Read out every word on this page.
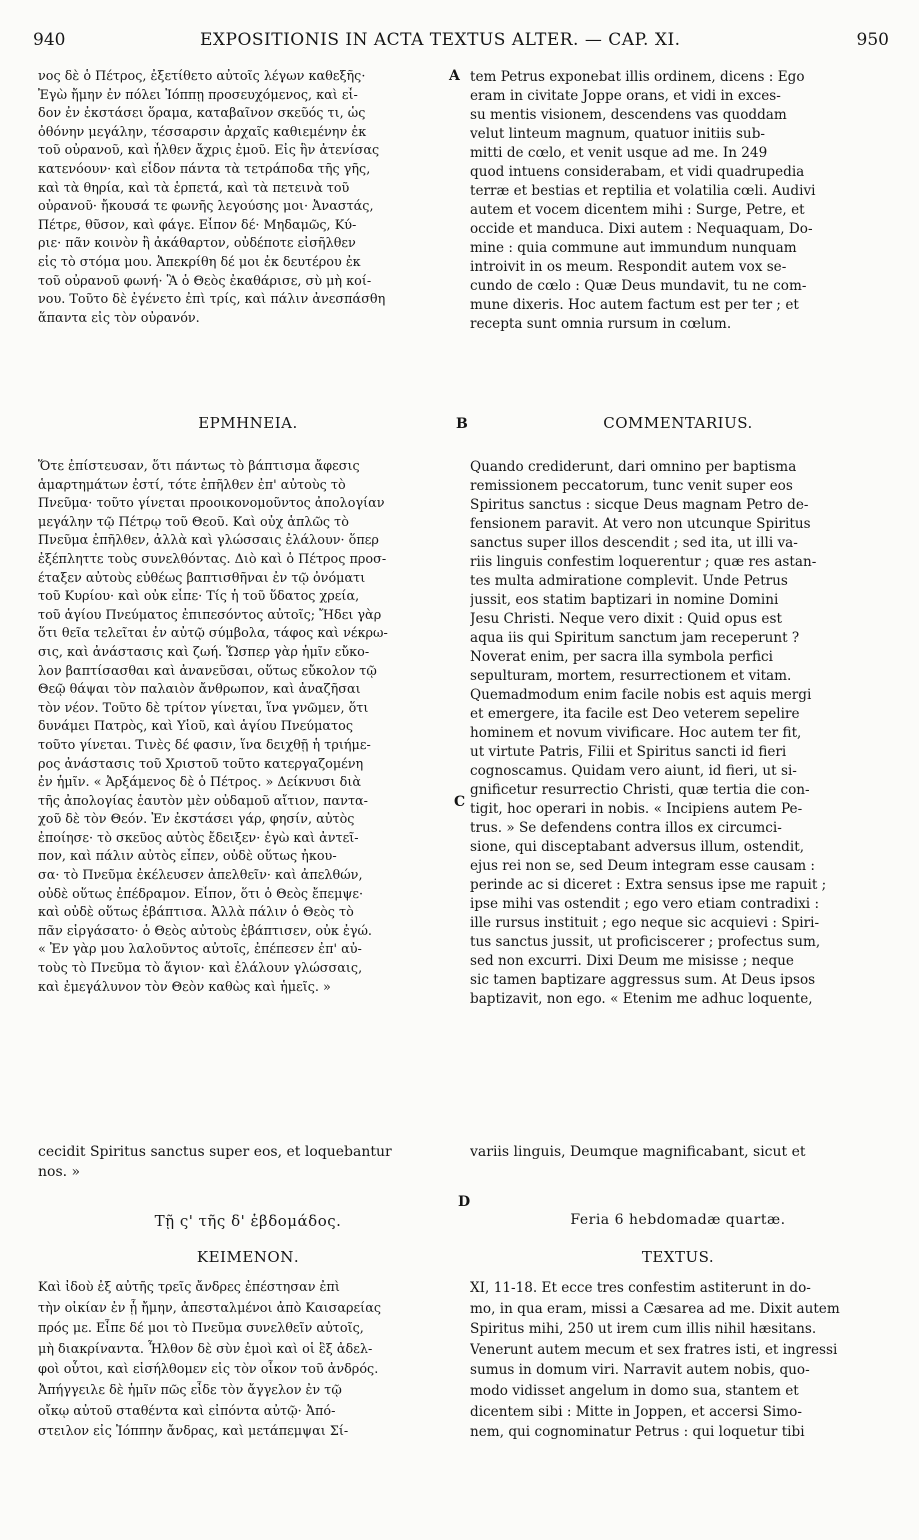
940	EXPOSITIONIS IN ACTA TEXTUS ALTER. — CAP. XI.	950
A
B
C
D
νος δὲ ὁ Πέτρος, ἐξετίθετο αὐτοῖς λέγων καθεξῆς·
Ἐγὼ ἤμην ἐν πόλει Ἰόππῃ προσευχόμενος, καὶ εἶ-
δον ἐν ἐκστάσει ὅραμα, καταβαῖνον σκεῦός τι, ὡς
ὀθόνην μεγάλην, τέσσαρσιν ἀρχαῖς καθιεμένην ἐκ
τοῦ οὐρανοῦ, καὶ ἦλθεν ἄχρις ἐμοῦ. Εἰς ἣν ἀτενίσας
κατενόουν· καὶ εἶδον πάντα τὰ τετράποδα τῆς γῆς,
καὶ τὰ θηρία, καὶ τὰ ἑρπετά, καὶ τὰ πετεινὰ τοῦ
οὐρανοῦ· ἤκουσά τε φωνῆς λεγούσης μοι· Ἀναστάς,
Πέτρε, θῦσον, καὶ φάγε. Εἶπον δέ· Μηδαμῶς, Κύ-
ριε· πᾶν κοινὸν ἢ ἀκάθαρτον, οὐδέποτε εἰσῆλθεν
εἰς τὸ στόμα μου. Ἀπεκρίθη δέ μοι ἐκ δευτέρου ἐκ
τοῦ οὐρανοῦ φωνή· Ἃ ὁ Θεὸς ἐκαθάρισε, σὺ μὴ κοί-
νου. Τοῦτο δὲ ἐγένετο ἐπὶ τρίς, καὶ πάλιν ἀνεσπάσθη
ἅπαντα εἰς τὸν οὐρανόν.
ΕΡΜΗΝΕΙΑ.
Ὅτε ἐπίστευσαν, ὅτι πάντως τὸ βάπτισμα ἄφεσις
ἁμαρτημάτων ἐστί, τότε ἐπῆλθεν ἐπ' αὐτοὺς τὸ
Πνεῦμα· τοῦτο γίνεται προοικονομοῦντος ἀπολογίαν
μεγάλην τῷ Πέτρῳ τοῦ Θεοῦ. Καὶ οὐχ ἁπλῶς τὸ
Πνεῦμα ἐπῆλθεν, ἀλλὰ καὶ γλώσσαις ἐλάλουν· ὅπερ
ἐξέπληττε τοὺς συνελθόντας. Διὸ καὶ ὁ Πέτρος προσ-
έταξεν αὐτοὺς εὐθέως βαπτισθῆναι ἐν τῷ ὀνόματι
τοῦ Κυρίου· καὶ οὐκ εἶπε· Τίς ἡ τοῦ ὕδατος χρεία,
τοῦ ἁγίου Πνεύματος ἐπιπεσόντος αὐτοῖς; Ἤδει γὰρ
ὅτι θεῖα τελεῖται ἐν αὐτῷ σύμβολα, τάφος καὶ νέκρω-
σις, καὶ ἀνάστασις καὶ ζωή. Ὥσπερ γὰρ ἡμῖν εὔκο-
λον βαπτίσασθαι καὶ ἀνανεῦσαι, οὕτως εὔκολον τῷ
Θεῷ θάψαι τὸν παλαιὸν ἄνθρωπον, καὶ ἀναζῆσαι
τὸν νέον. Τοῦτο δὲ τρίτον γίνεται, ἵνα γνῶμεν, ὅτι
δυνάμει Πατρὸς, καὶ Υἱοῦ, καὶ ἁγίου Πνεύματος
τοῦτο γίνεται. Τινὲς δέ φασιν, ἵνα δειχθῇ ἡ τριήμε-
ρος ἀνάστασις τοῦ Χριστοῦ τοῦτο κατεργαζομένη
ἐν ἡμῖν. « Ἀρξάμενος δὲ ὁ Πέτρος. » Δείκνυσι διὰ
τῆς ἀπολογίας ἑαυτὸν μὲν οὐδαμοῦ αἴτιον, παντα-
χοῦ δὲ τὸν Θεόν. Ἐν ἐκστάσει γάρ, φησίν, αὐτὸς
ἐποίησε· τὸ σκεῦος αὐτὸς ἔδειξεν· ἐγὼ καὶ ἀντεῖ-
πον, καὶ πάλιν αὐτὸς εἶπεν, οὐδὲ οὕτως ἠκου-
σα· τὸ Πνεῦμα ἐκέλευσεν ἀπελθεῖν· καὶ ἀπελθών,
οὐδὲ οὕτως ἐπέδραμον. Εἶπον, ὅτι ὁ Θεὸς ἔπεμψε·
καὶ οὐδὲ οὕτως ἐβάπτισα. Ἀλλὰ πάλιν ὁ Θεὸς τὸ
πᾶν εἰργάσατο· ὁ Θεὸς αὐτοὺς ἐβάπτισεν, οὐκ ἐγώ.
« Ἐν γὰρ μου λαλοῦντος αὐτοῖς, ἐπέπεσεν ἐπ' αὐ-
τοὺς τὸ Πνεῦμα τὸ ἅγιον· καὶ ἐλάλουν γλώσσαις,
καὶ ἐμεγάλυνον τὸν Θεὸν καθὼς καὶ ἡμεῖς. »
tem Petrus exponebat illis ordinem, dicens : Ego
eram in civitate Joppe orans, et vidi in exces-
su mentis visionem, descendens vas quoddam
velut linteum magnum, quatuor initiis sub-
mitti de cœlo, et venit usque ad me. In 249
quod intuens considerabam, et vidi quadrupedia
terræ et bestias et reptilia et volatilia cœli. Audivi
autem et vocem dicentem mihi : Surge, Petre, et
occide et manduca. Dixi autem : Nequaquam, Do-
mine : quia commune aut immundum nunquam
introivit in os meum. Respondit autem vox se-
cundo de cœlo : Quæ Deus mundavit, tu ne com-
mune dixeris. Hoc autem factum est per ter ; et
recepta sunt omnia rursum in cœlum.
COMMENTARIUS.
Quando crediderunt, dari omnino per baptisma
remissionem peccatorum, tunc venit super eos
Spiritus sanctus : sicque Deus magnam Petro de-
fensionem paravit. At vero non utcunque Spiritus
sanctus super illos descendit ; sed ita, ut illi va-
riis linguis confestim loquerentur ; quæ res astan-
tes multa admiratione complevit. Unde Petrus
jussit, eos statim baptizari in nomine Domini
Jesu Christi. Neque vero dixit : Quid opus est
aqua iis qui Spiritum sanctum jam receperunt ?
Noverat enim, per sacra illa symbola perfici
sepulturam, mortem, resurrectionem et vitam.
Quemadmodum enim facile nobis est aquis mergi
et emergere, ita facile est Deo veterem sepelire
hominem et novum vivificare. Hoc autem ter fit,
ut virtute Patris, Filii et Spiritus sancti id fieri
cognoscamus. Quidam vero aiunt, id fieri, ut si-
gnificetur resurrectio Christi, quæ tertia die con-
tigit, hoc operari in nobis. « Incipiens autem Pe-
trus. » Se defendens contra illos ex circumci-
sione, qui disceptabant adversus illum, ostendit,
ejus rei non se, sed Deum integram esse causam :
perinde ac si diceret : Extra sensus ipse me rapuit ;
ipse mihi vas ostendit ; ego vero etiam contradixi :
ille rursus instituit ; ego neque sic acquievi : Spiri-
tus sanctus jussit, ut proficiscerer ; profectus sum,
sed non excurri. Dixi Deum me misisse ; neque
sic tamen baptizare aggressus sum. At Deus ipsos
baptizavit, non ego. « Etenim me adhuc loquente,
cecidit Spiritus sanctus super eos, et loquebantur
nos. »
variis linguis, Deumque magnificabant, sicut et
Τῇ ς' τῆς δ' ἑβδομάδος.
ΚΕΙΜΕΝΟΝ.
Feria 6 hebdomadæ quartæ.
TEXTUS.
Καὶ ἰδοὺ ἐξ αὐτῆς τρεῖς ἄνδρες ἐπέστησαν ἐπὶ
τὴν οἰκίαν ἐν ᾗ ἤμην, ἀπεσταλμένοι ἀπὸ Καισαρείας
πρός με. Εἶπε δέ μοι τὸ Πνεῦμα συνελθεῖν αὐτοῖς,
μὴ διακρίναντα. Ἦλθον δὲ σὺν ἐμοὶ καὶ οἱ ἓξ ἀδελ-
φοὶ οὗτοι, καὶ εἰσήλθομεν εἰς τὸν οἶκον τοῦ ἀνδρός.
Ἀπήγγειλε δὲ ἡμῖν πῶς εἶδε τὸν ἄγγελον ἐν τῷ
οἴκῳ αὐτοῦ σταθέντα καὶ εἰπόντα αὐτῷ· Ἀπό-
στειλον εἰς Ἰόππην ἄνδρας, καὶ μετάπεμψαι Σί-
XI, 11-18. Et ecce tres confestim astiterunt in do-
mo, in qua eram, missi a Cæsarea ad me. Dixit autem
Spiritus mihi, 250 ut irem cum illis nihil hæsitans.
Venerunt autem mecum et sex fratres isti, et ingressi
sumus in domum viri. Narravit autem nobis, quo-
modo vidisset angelum in domo sua, stantem et
dicentem sibi : Mitte in Joppen, et accersi Simo-
nem, qui cognominatur Petrus : qui loquetur tibi
